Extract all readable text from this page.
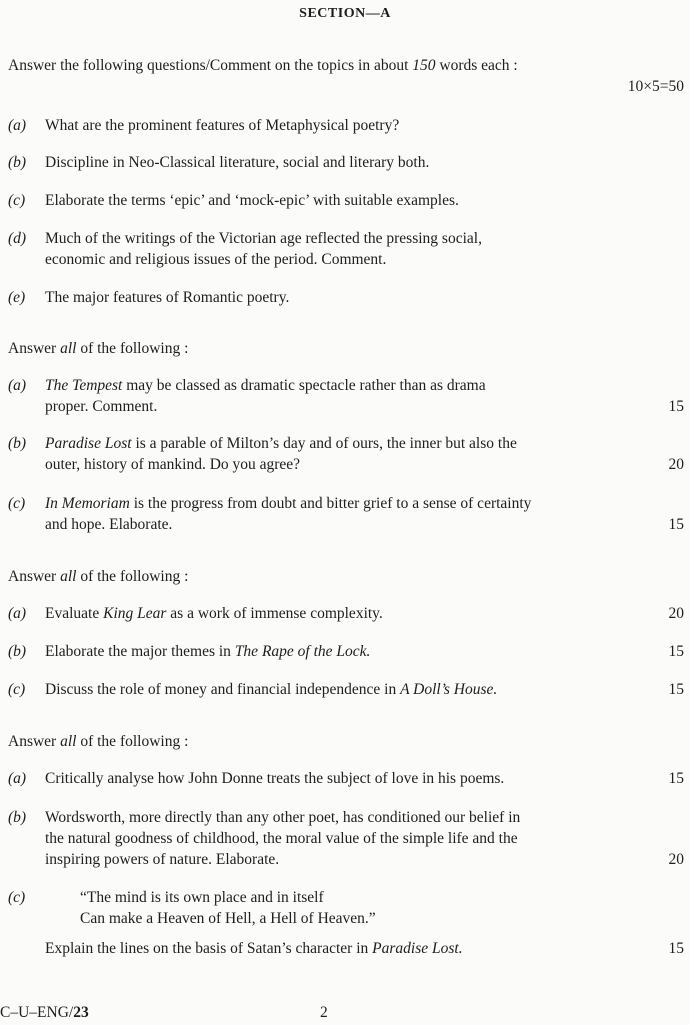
SECTION—A
Answer the following questions/Comment on the topics in about 150 words each :
10×5=50
(a) What are the prominent features of Metaphysical poetry?
(b) Discipline in Neo-Classical literature, social and literary both.
(c) Elaborate the terms ‘epic’ and ‘mock-epic’ with suitable examples.
(d) Much of the writings of the Victorian age reflected the pressing social,
economic and religious issues of the period. Comment.
(e) The major features of Romantic poetry.
Answer all of the following :
(a) The Tempest may be classed as dramatic spectacle rather than as drama
proper. Comment.	15
(b) Paradise Lost is a parable of Milton’s day and of ours, the inner but also the
outer, history of mankind. Do you agree?	20
(c) In Memoriam is the progress from doubt and bitter grief to a sense of certainty
and hope. Elaborate.	15
Answer all of the following :
(a) Evaluate King Lear as a work of immense complexity.	20
(b) Elaborate the major themes in The Rape of the Lock.	15
(c) Discuss the role of money and financial independence in A Doll’s House.	15
Answer all of the following :
(a) Critically analyse how John Donne treats the subject of love in his poems.	15
(b) Wordsworth, more directly than any other poet, has conditioned our belief in
the natural goodness of childhood, the moral value of the simple life and the
inspiring powers of nature. Elaborate.	20
(c)	“The mind is its own place and in itself
Can make a Heaven of Hell, a Hell of Heaven.”
Explain the lines on the basis of Satan’s character in Paradise Lost.	15
C–U–ENG/23	2
